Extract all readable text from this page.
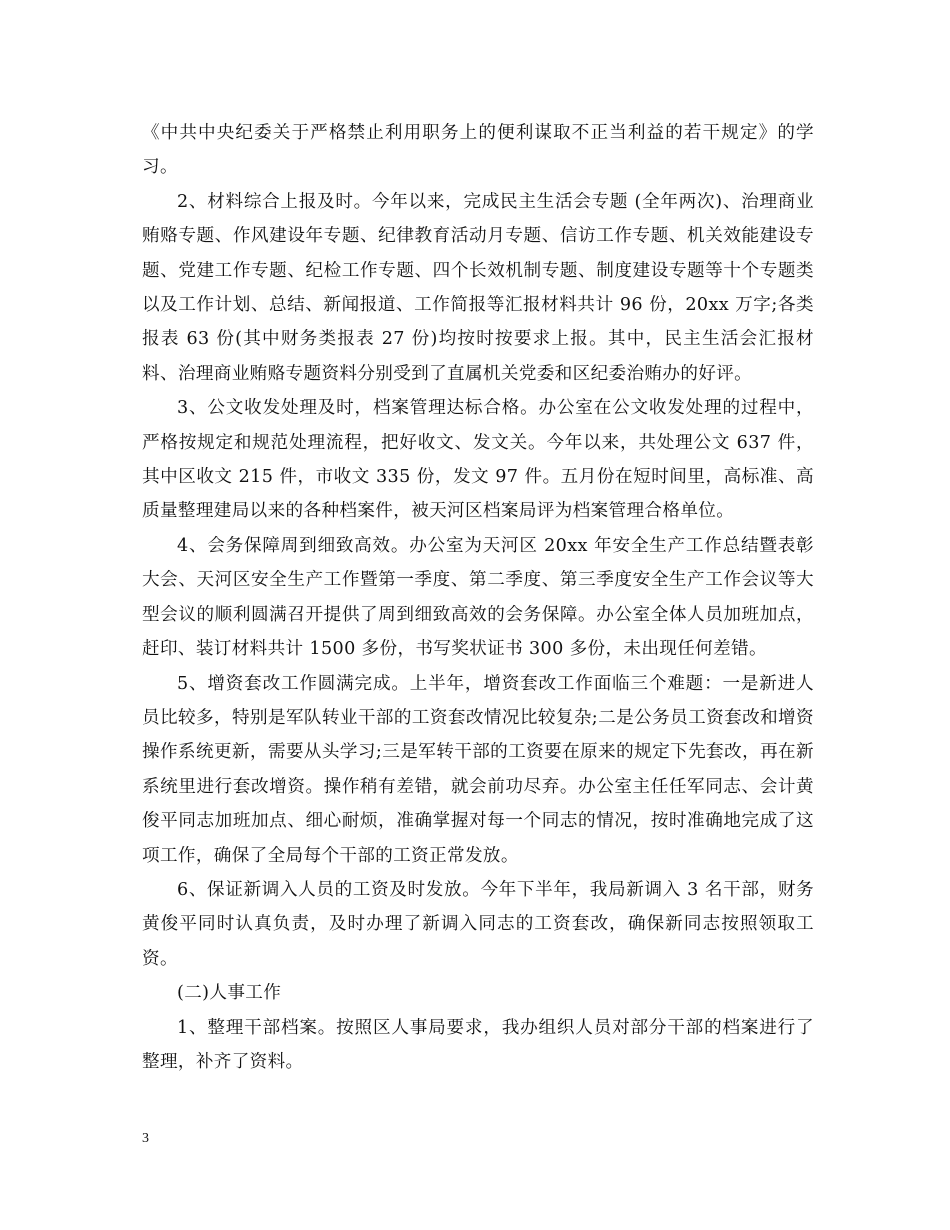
《中共中央纪委关于严格禁止利用职务上的便利谋取不正当利益的若干规定》的学习。

2、材料综合上报及时。今年以来，完成民主生活会专题 (全年两次)、治理商业贿赂专题、作风建设年专题、纪律教育活动月专题、信访工作专题、机关效能建设专题、党建工作专题、纪检工作专题、四个长效机制专题、制度建设专题等十个专题类以及工作计划、总结、新闻报道、工作简报等汇报材料共计 96 份，20xx 万字;各类报表 63 份(其中财务类报表 27 份)均按时按要求上报。其中，民主生活会汇报材料、治理商业贿赂专题资料分别受到了直属机关党委和区纪委治贿办的好评。

3、公文收发处理及时，档案管理达标合格。办公室在公文收发处理的过程中，严格按规定和规范处理流程，把好收文、发文关。今年以来，共处理公文 637 件，其中区收文 215 件，市收文 335 份，发文 97 件。五月份在短时间里，高标准、高质量整理建局以来的各种档案件，被天河区档案局评为档案管理合格单位。

4、会务保障周到细致高效。办公室为天河区 20xx 年安全生产工作总结暨表彰大会、天河区安全生产工作暨第一季度、第二季度、第三季度安全生产工作会议等大型会议的顺利圆满召开提供了周到细致高效的会务保障。办公室全体人员加班加点，赶印、装订材料共计 1500 多份，书写奖状证书 300 多份，未出现任何差错。

5、增资套改工作圆满完成。上半年，增资套改工作面临三个难题：一是新进人员比较多，特别是军队转业干部的工资套改情况比较复杂;二是公务员工资套改和增资操作系统更新，需要从头学习;三是军转干部的工资要在原来的规定下先套改，再在新系统里进行套改增资。操作稍有差错，就会前功尽弃。办公室主任任军同志、会计黄俊平同志加班加点、细心耐烦，准确掌握对每一个同志的情况，按时准确地完成了这项工作，确保了全局每个干部的工资正常发放。

6、保证新调入人员的工资及时发放。今年下半年，我局新调入 3 名干部，财务黄俊平同时认真负责，及时办理了新调入同志的工资套改，确保新同志按照领取工资。

(二)人事工作

1、整理干部档案。按照区人事局要求，我办组织人员对部分干部的档案进行了整理，补齐了资料。

3
